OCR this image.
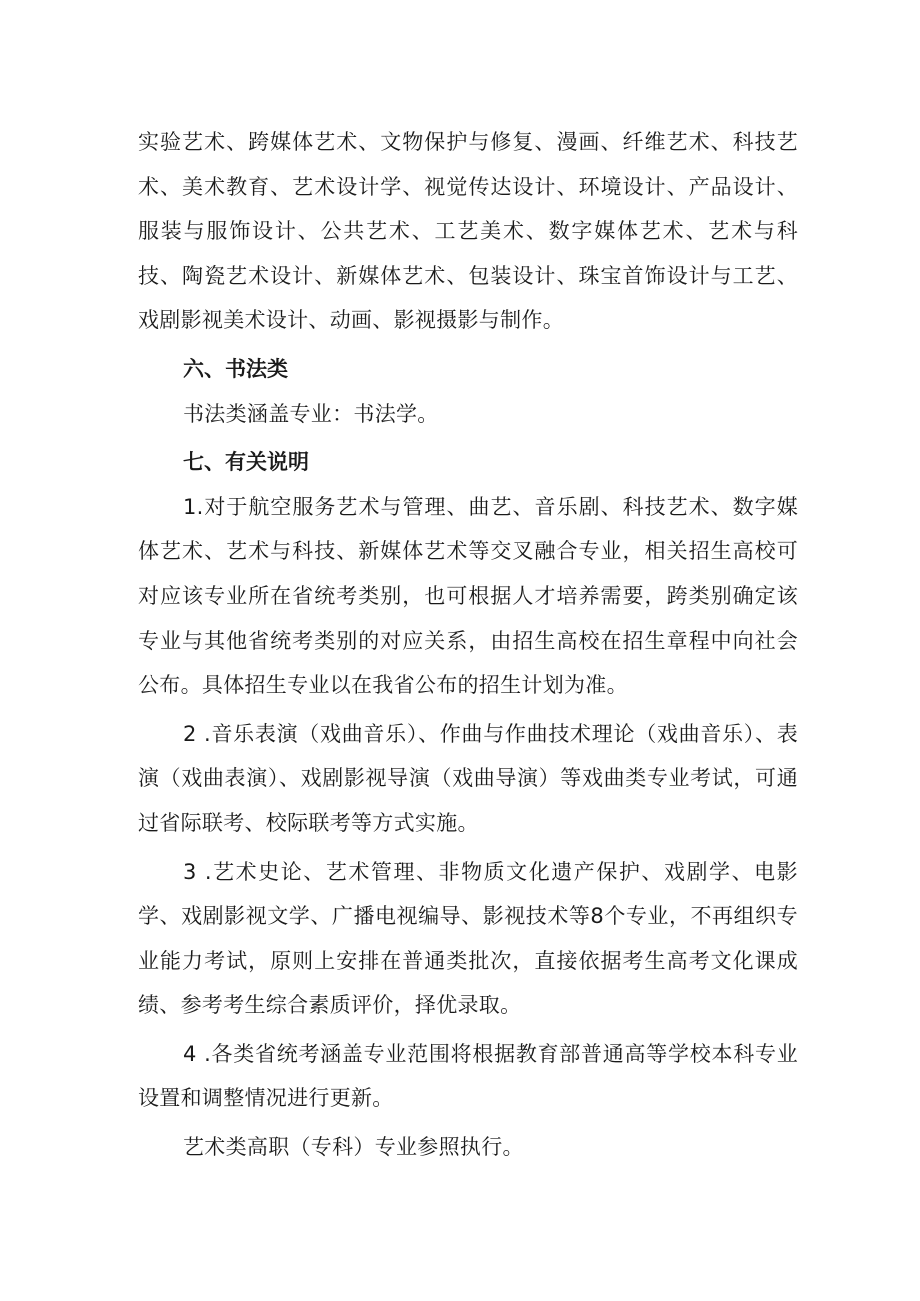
实验艺术、跨媒体艺术、文物保护与修复、漫画、纤维艺术、科技艺术、美术教育、艺术设计学、视觉传达设计、环境设计、产品设计、服装与服饰设计、公共艺术、工艺美术、数字媒体艺术、艺术与科技、陶瓷艺术设计、新媒体艺术、包装设计、珠宝首饰设计与工艺、戏剧影视美术设计、动画、影视摄影与制作。

六、书法类

书法类涵盖专业：书法学。

七、有关说明

1.对于航空服务艺术与管理、曲艺、音乐剧、科技艺术、数字媒体艺术、艺术与科技、新媒体艺术等交叉融合专业，相关招生高校可对应该专业所在省统考类别，也可根据人才培养需要，跨类别确定该专业与其他省统考类别的对应关系，由招生高校在招生章程中向社会公布。具体招生专业以在我省公布的招生计划为准。

2 .音乐表演（戏曲音乐）、作曲与作曲技术理论（戏曲音乐）、表演（戏曲表演）、戏剧影视导演（戏曲导演）等戏曲类专业考试，可通过省际联考、校际联考等方式实施。

3 .艺术史论、艺术管理、非物质文化遗产保护、戏剧学、电影学、戏剧影视文学、广播电视编导、影视技术等8个专业，不再组织专业能力考试，原则上安排在普通类批次，直接依据考生高考文化课成绩、参考考生综合素质评价，择优录取。

4 .各类省统考涵盖专业范围将根据教育部普通高等学校本科专业设置和调整情况进行更新。

艺术类高职（专科）专业参照执行。
